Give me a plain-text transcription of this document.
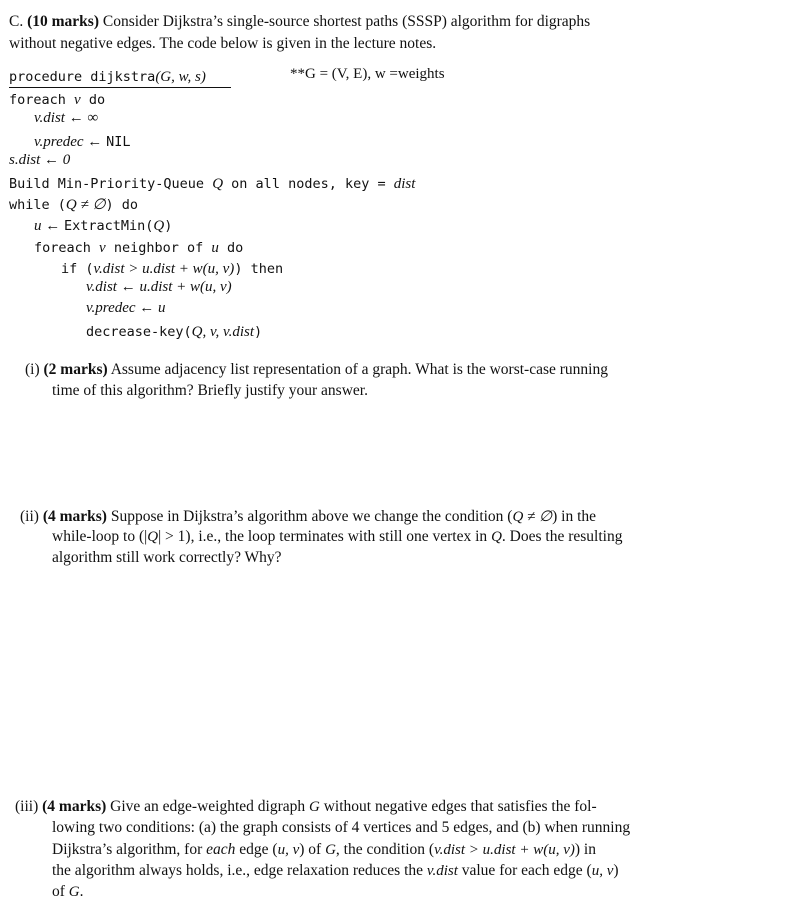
C. (10 marks) Consider Dijkstra’s single-source shortest paths (SSSP) algorithm for digraphs
without negative edges. The code below is given in the lecture notes.
procedure dijkstra(G, w, s)	**G = (V, E), w =weights
foreach v do
v.dist ← ∞
v.predec ← NIL
s.dist ← 0
Build Min-Priority-Queue Q on all nodes, key = dist
while (Q ≠ ∅) do
u ← ExtractMin(Q)
foreach v neighbor of u do
if (v.dist > u.dist + w(u, v)) then
v.dist ← u.dist + w(u, v)
v.predec ← u
decrease-key(Q, v, v.dist)
(i) (2 marks) Assume adjacency list representation of a graph. What is the worst-case running
time of this algorithm? Briefly justify your answer.
(ii) (4 marks) Suppose in Dijkstra’s algorithm above we change the condition (Q ≠ ∅) in the
while-loop to (|Q| > 1), i.e., the loop terminates with still one vertex in Q. Does the resulting
algorithm still work correctly? Why?
(iii) (4 marks) Give an edge-weighted digraph G without negative edges that satisfies the fol-
lowing two conditions: (a) the graph consists of 4 vertices and 5 edges, and (b) when running
Dijkstra’s algorithm, for each edge (u, v) of G, the condition (v.dist > u.dist + w(u, v)) in
the algorithm always holds, i.e., edge relaxation reduces the v.dist value for each edge (u, v)
of G.
